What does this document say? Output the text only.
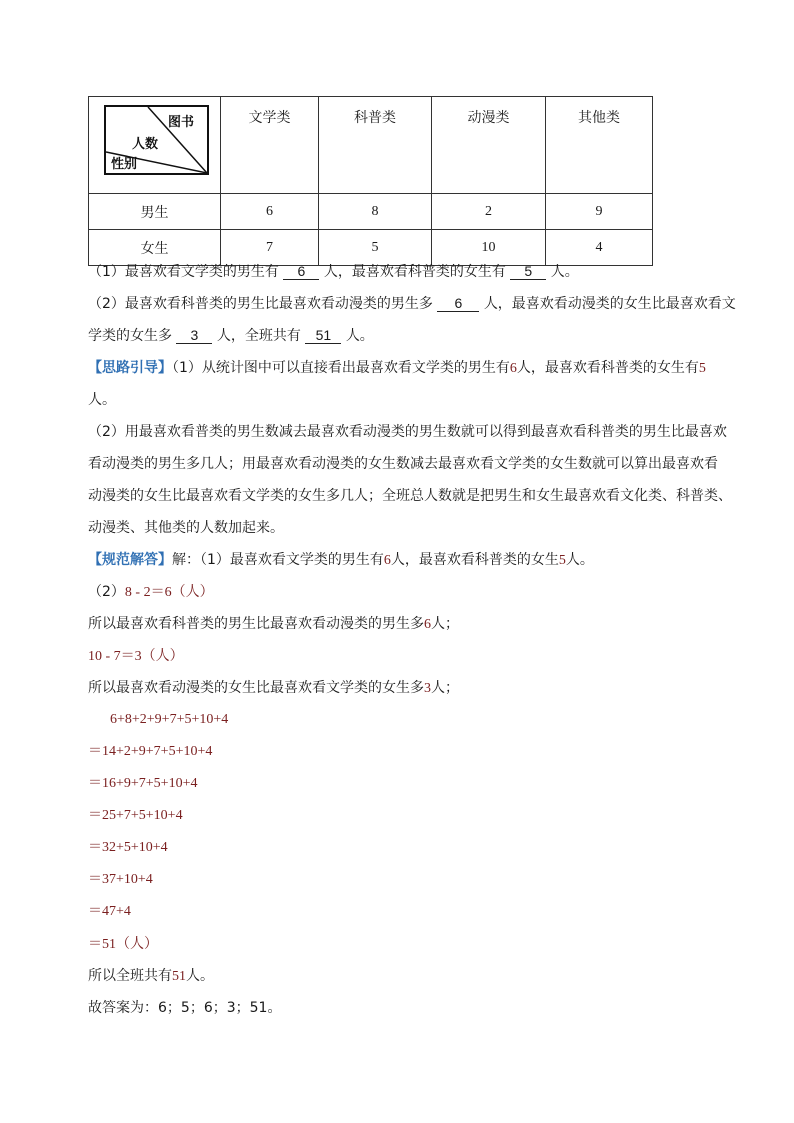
图书
人数
性别	文学类	科普类	动漫类	其他类
男生	6	8	2	9
女生	7	5	10	4
（1）最喜欢看文学类的男生有 6 人，最喜欢看科普类的女生有 5 人。
（2）最喜欢看科普类的男生比最喜欢看动漫类的男生多 6 人，最喜欢看动漫类的女生比最喜欢看文
学类的女生多 3 人，全班共有 51 人。
【思路引导】（1）从统计图中可以直接看出最喜欢看文学类的男生有6人，最喜欢看科普类的女生有5
人。
（2）用最喜欢看普类的男生数减去最喜欢看动漫类的男生数就可以得到最喜欢看科普类的男生比最喜欢
看动漫类的男生多几人；用最喜欢看动漫类的女生数减去最喜欢看文学类的女生数就可以算出最喜欢看
动漫类的女生比最喜欢看文学类的女生多几人；全班总人数就是把男生和女生最喜欢看文化类、科普类、
动漫类、其他类的人数加起来。
【规范解答】解：（1）最喜欢看文学类的男生有6人，最喜欢看科普类的女生5人。
（2）8 - 2＝6（人）
所以最喜欢看科普类的男生比最喜欢看动漫类的男生多6人；
10 - 7＝3（人）
所以最喜欢看动漫类的女生比最喜欢看文学类的女生多3人；
6+8+2+9+7+5+10+4
＝14+2+9+7+5+10+4
＝16+9+7+5+10+4
＝25+7+5+10+4
＝32+5+10+4
＝37+10+4
＝47+4
＝51（人）
所以全班共有51人。
故答案为：6；5；6；3；51。
